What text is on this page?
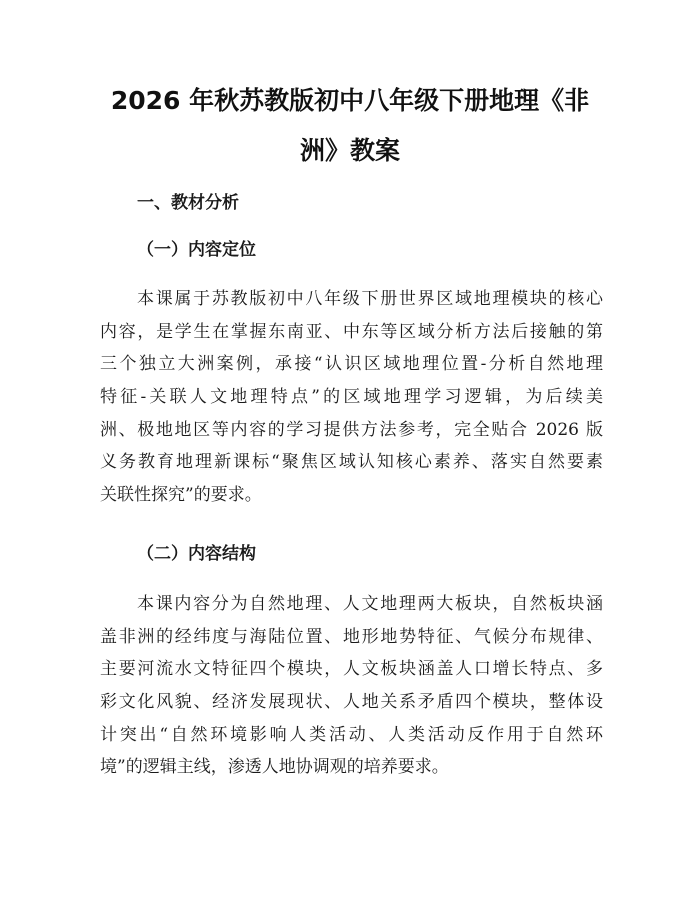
2026 年秋苏教版初中八年级下册地理《非
洲》教案
一、教材分析
（一）内容定位
本课属于苏教版初中八年级下册世界区域地理模块的核心
内容，是学生在掌握东南亚、中东等区域分析方法后接触的第
三个独立大洲案例，承接“认识区域地理位置-分析自然地理
特征-关联人文地理特点”的区域地理学习逻辑，为后续美
洲、极地地区等内容的学习提供方法参考，完全贴合 2026 版
义务教育地理新课标“聚焦区域认知核心素养、落实自然要素
关联性探究”的要求。
（二）内容结构
本课内容分为自然地理、人文地理两大板块，自然板块涵
盖非洲的经纬度与海陆位置、地形地势特征、气候分布规律、
主要河流水文特征四个模块，人文板块涵盖人口增长特点、多
彩文化风貌、经济发展现状、人地关系矛盾四个模块，整体设
计突出“自然环境影响人类活动、人类活动反作用于自然环
境”的逻辑主线，渗透人地协调观的培养要求。
